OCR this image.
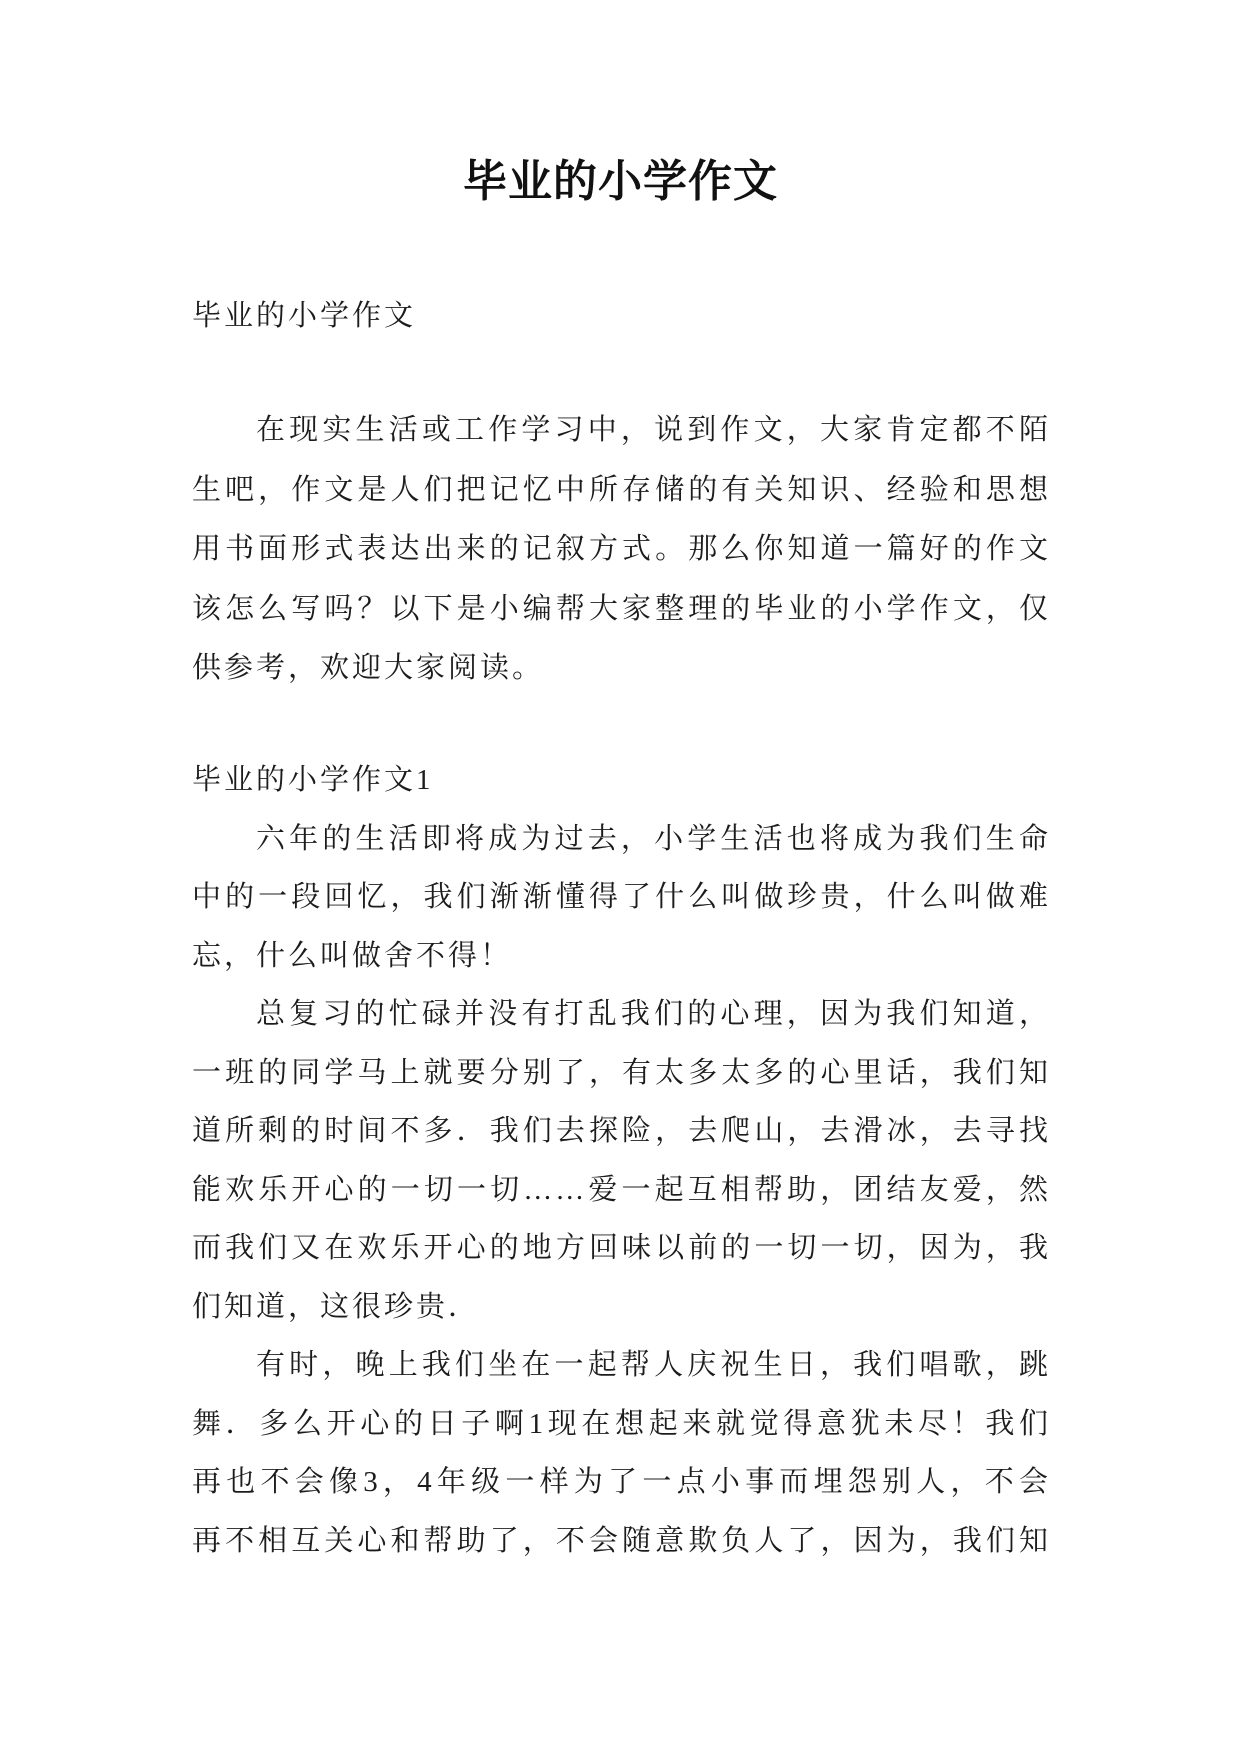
毕业的小学作文
毕业的小学作文
在现实生活或工作学习中，说到作文，大家肯定都不陌
生吧，作文是人们把记忆中所存储的有关知识、经验和思想
用书面形式表达出来的记叙方式。那么你知道一篇好的作文
该怎么写吗？以下是小编帮大家整理的毕业的小学作文，仅
供参考，欢迎大家阅读。
毕业的小学作文1
六年的生活即将成为过去，小学生活也将成为我们生命
中的一段回忆，我们渐渐懂得了什么叫做珍贵，什么叫做难
忘，什么叫做舍不得！
总复习的忙碌并没有打乱我们的心理，因为我们知道，
一班的同学马上就要分别了，有太多太多的心里话，我们知
道所剩的时间不多．我们去探险，去爬山，去滑冰，去寻找
能欢乐开心的一切一切……爱一起互相帮助，团结友爱，然
而我们又在欢乐开心的地方回味以前的一切一切，因为，我
们知道，这很珍贵．
有时，晚上我们坐在一起帮人庆祝生日，我们唱歌，跳
舞．多么开心的日子啊1现在想起来就觉得意犹未尽！我们
再也不会像3，4年级一样为了一点小事而埋怨别人，不会
再不相互关心和帮助了，不会随意欺负人了，因为，我们知
